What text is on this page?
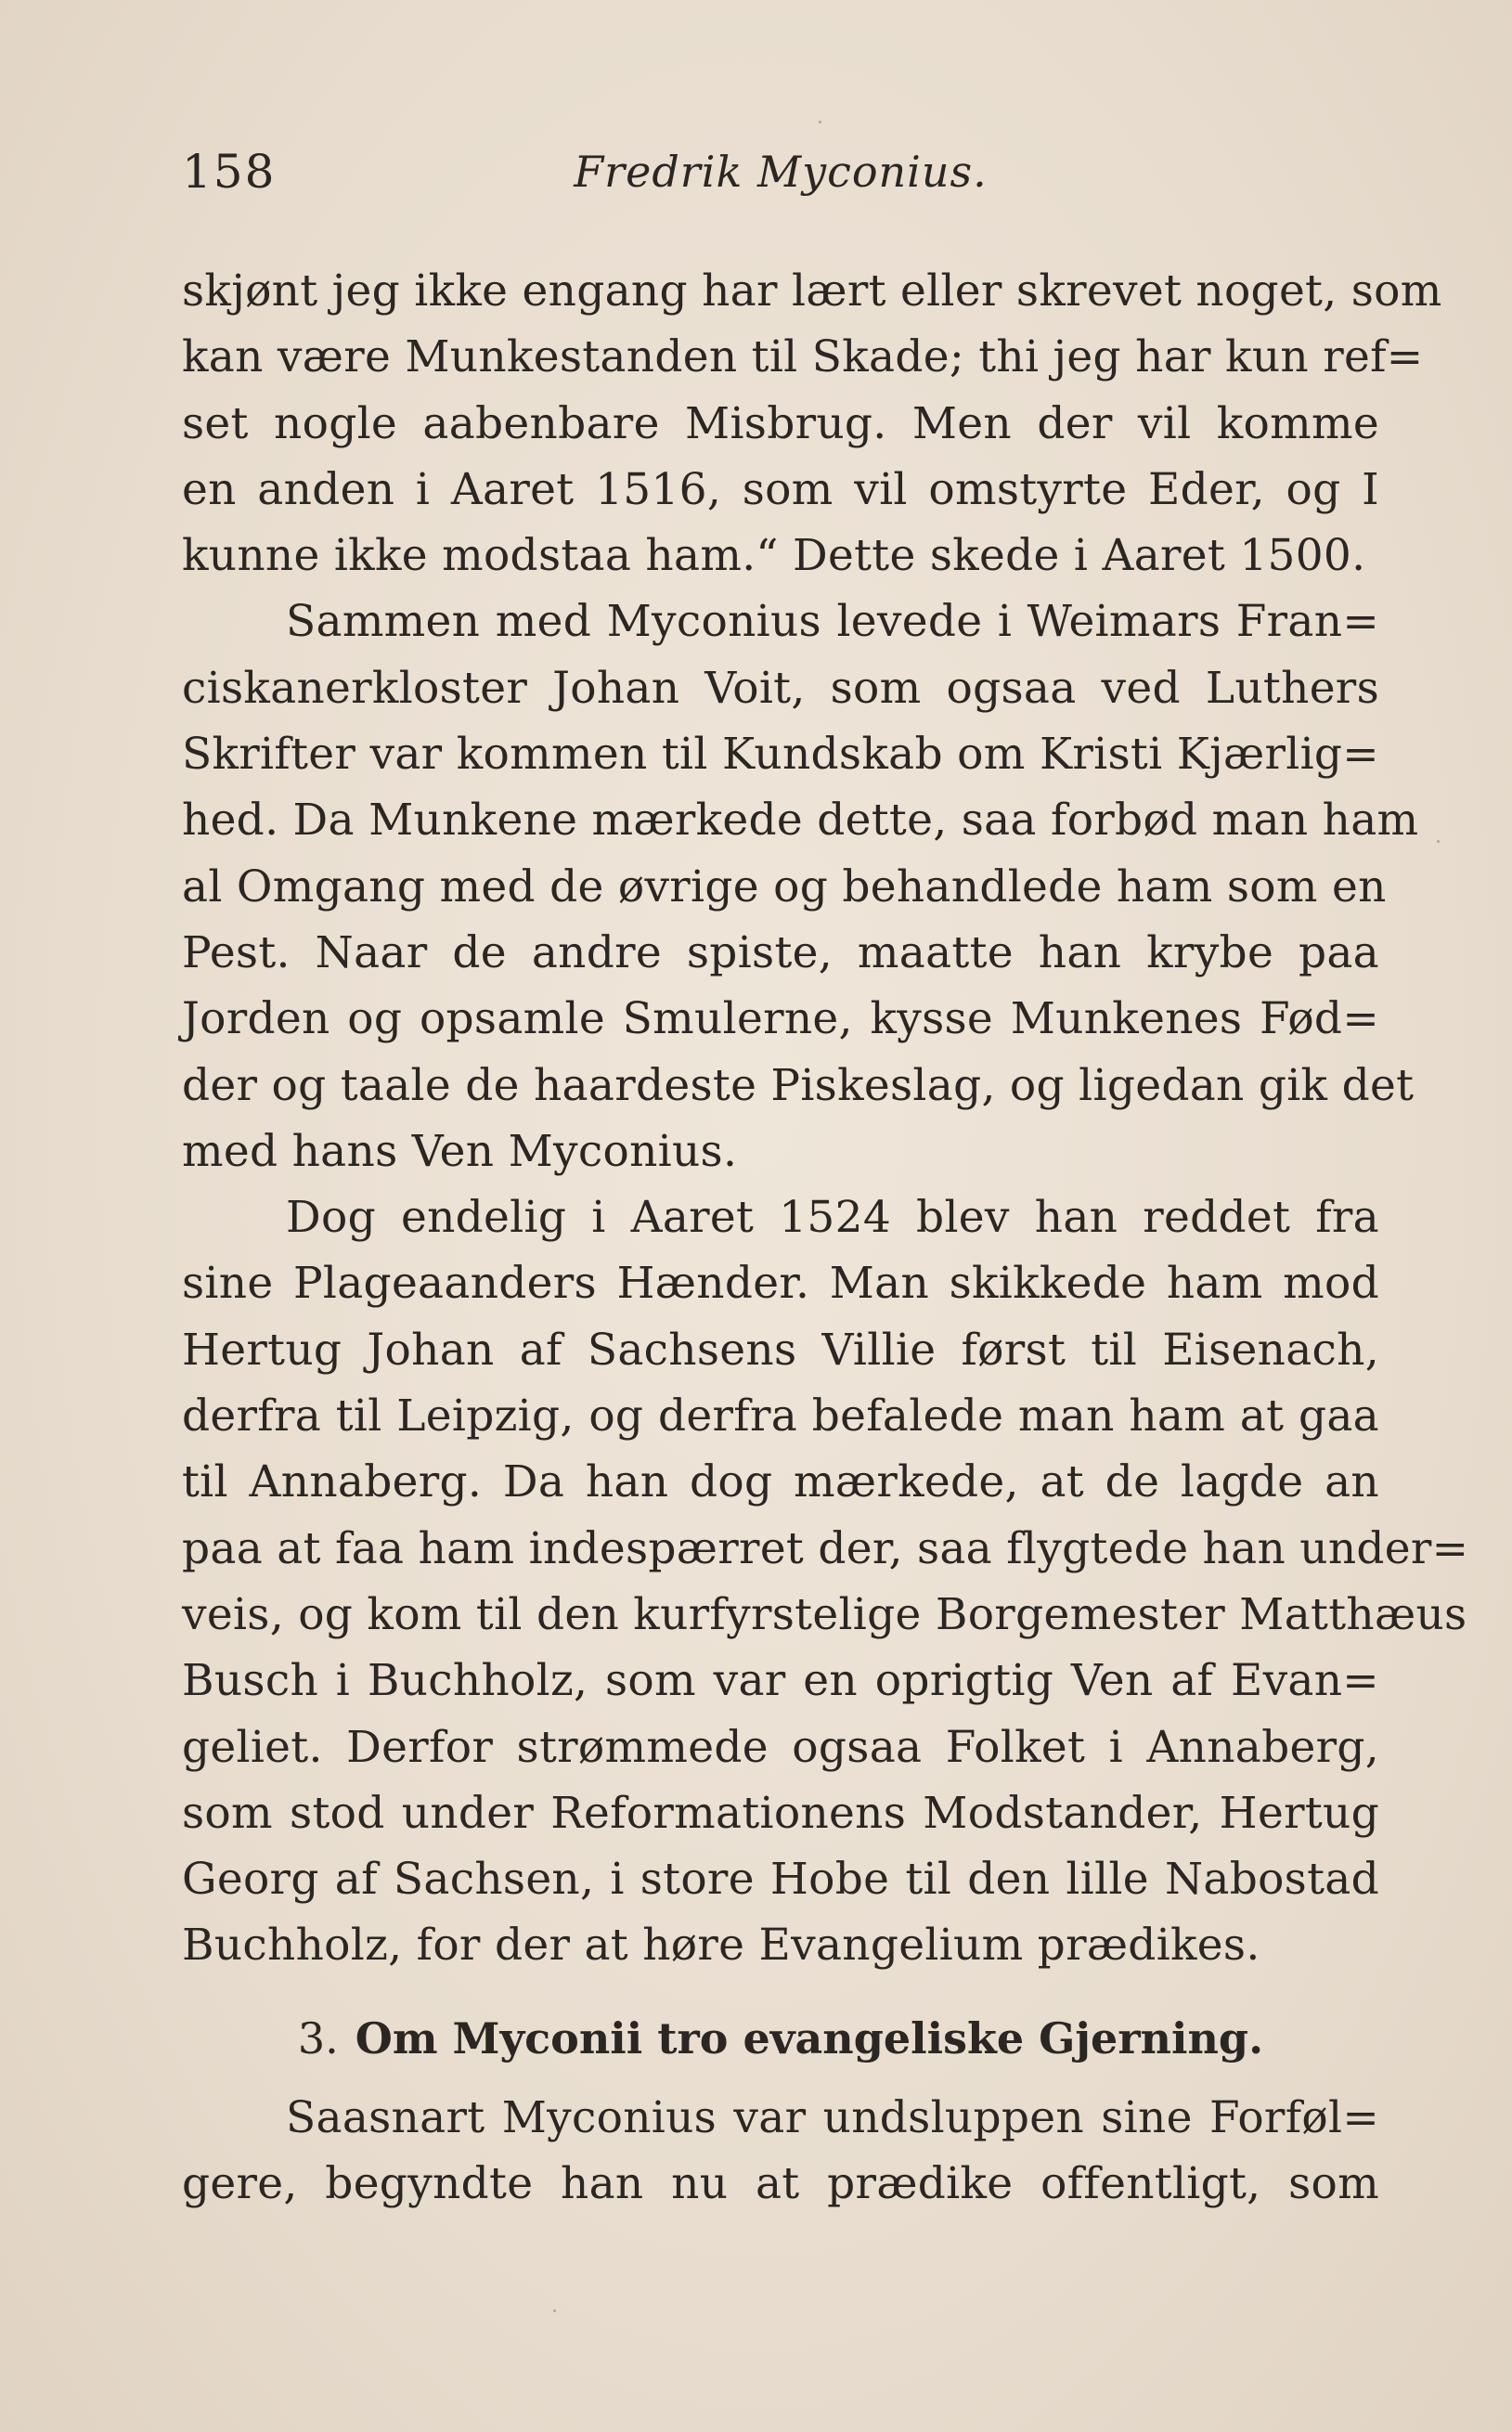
158	Fredrik Myconius.
skjønt jeg ikke engang har lært eller skrevet noget, som
kan være Munkestanden til Skade; thi jeg har kun ref=
set nogle aabenbare Misbrug. Men der vil komme
en anden i Aaret 1516, som vil omstyrte Eder, og I
kunne ikke modstaa ham.“ Dette skede i Aaret 1500.
Sammen med Myconius levede i Weimars Fran=
ciskanerkloster Johan Voit, som ogsaa ved Luthers
Skrifter var kommen til Kundskab om Kristi Kjærlig=
hed. Da Munkene mærkede dette, saa forbød man ham
al Omgang med de øvrige og behandlede ham som en
Pest. Naar de andre spiste, maatte han krybe paa
Jorden og opsamle Smulerne, kysse Munkenes Fød=
der og taale de haardeste Piskeslag, og ligedan gik det
med hans Ven Myconius.
Dog endelig i Aaret 1524 blev han reddet fra
sine Plageaanders Hænder. Man skikkede ham mod
Hertug Johan af Sachsens Villie først til Eisenach,
derfra til Leipzig, og derfra befalede man ham at gaa
til Annaberg. Da han dog mærkede, at de lagde an
paa at faa ham indespærret der, saa flygtede han under=
veis, og kom til den kurfyrstelige Borgemester Matthæus
Busch i Buchholz, som var en oprigtig Ven af Evan=
geliet. Derfor strømmede ogsaa Folket i Annaberg,
som stod under Reformationens Modstander, Hertug
Georg af Sachsen, i store Hobe til den lille Nabostad
Buchholz, for der at høre Evangelium prædikes.
3. Om Myconii tro evangeliske Gjerning.
Saasnart Myconius var undsluppen sine Forføl=
gere, begyndte han nu at prædike offentligt, som
